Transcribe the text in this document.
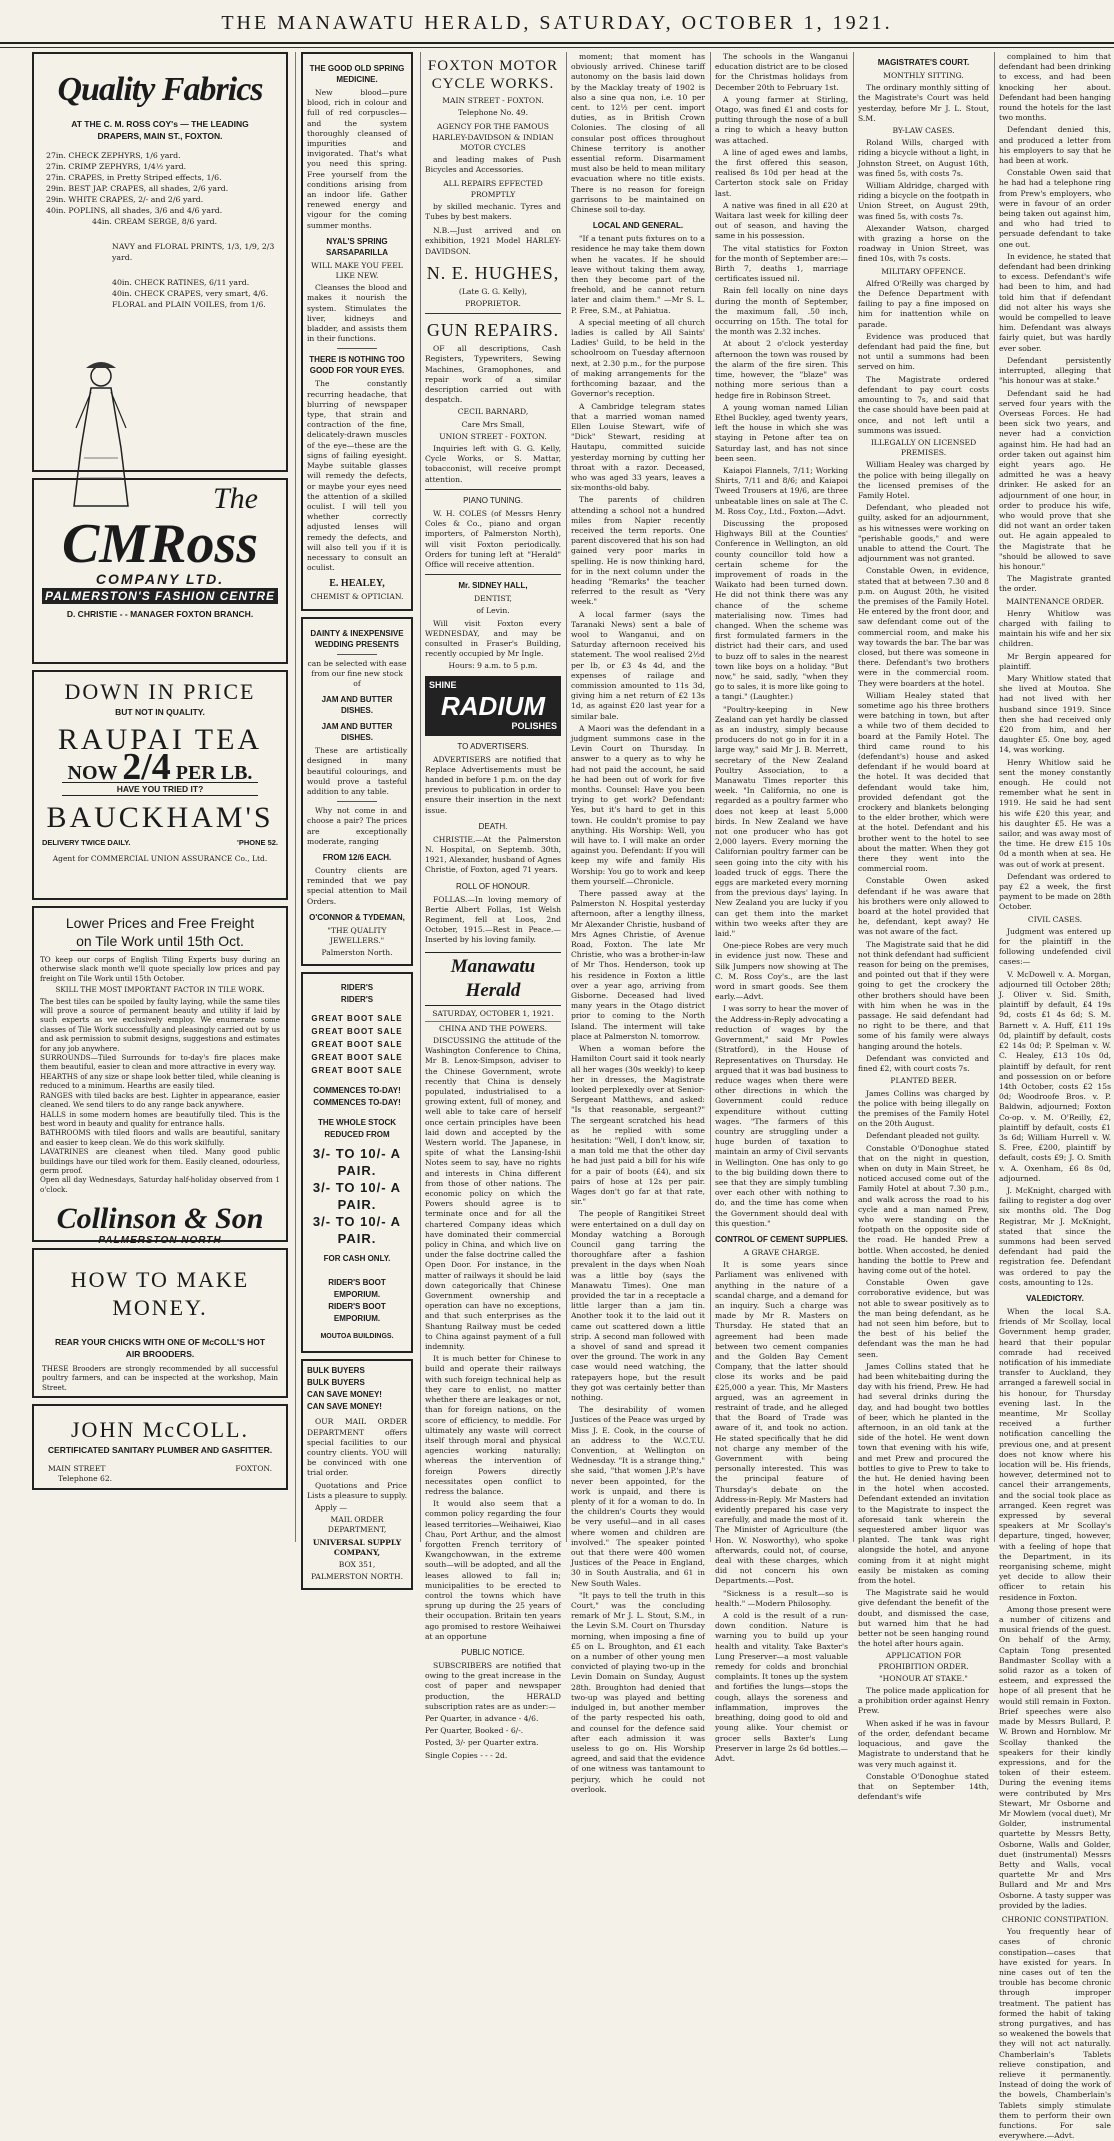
THE MANAWATU HERALD, SATURDAY, OCTOBER 1, 1921.
Quality Fabrics
AT THE C. M. ROSS COY's — THE LEADING
DRAPERS, MAIN ST., FOXTON.
27in. CHECK ZEPHYRS, 1/6 yard.
27in. CRIMP ZEPHYRS, 1/4½ yard.
27in. CRAPES, in Pretty Striped effects, 1/6.
29in. BEST JAP. CRAPES, all shades, 2/6 yard.
29in. WHITE CRAPES, 2/- and 2/6 yard.
40in. POPLINS, all shades, 3/6 and 4/6 yard.
44in. CREAM SERGE, 8/6 yard.
NAVY and FLORAL PRINTS, 1/3, 1/9, 2/3 yard.
40in. CHECK RATINES, 6/11 yard.
40in. CHECK CRAPES, very smart, 4/6.
FLORAL and PLAIN VOILES, from 1/6.
The
CMRoss
COMPANY LTD.
PALMERSTON'S FASHION CENTRE
D. CHRISTIE - - MANAGER FOXTON BRANCH.
DOWN IN PRICE
BUT NOT IN QUALITY.
RAUPAI TEA
NOW 2/4 PER LB.
HAVE YOU TRIED IT?
BAUCKHAM'S
DELIVERY TWICE DAILY.	'PHONE 52.
Agent for COMMERCIAL UNION ASSURANCE Co., Ltd.
Lower Prices and Free Freight
on Tile Work until 15th Oct.
TO keep our corps of English Tiling Experts busy during an otherwise slack month we'll quote specially low prices and pay freight on Tile Work until 15th October.
SKILL THE MOST IMPORTANT FACTOR IN TILE WORK.
The best tiles can be spoiled by faulty laying, while the same tiles will prove a source of permanent beauty and utility if laid by such experts as we exclusively employ. We enumerate some classes of Tile Work successfully and pleasingly carried out by us and ask permission to submit designs, suggestions and estimates for any job anywhere.
SURROUNDS—Tiled Surrounds for to-day's fire places make them beautiful, easier to clean and more attractive in every way.
HEARTHS of any size or shape look better tiled, while cleaning is reduced to a minimum. Hearths are easily tiled.
RANGES with tiled backs are best. Lighter in appearance, easier cleaned. We send tilers to do any range back anywhere.
HALLS in some modern homes are beautifully tiled. This is the best word in beauty and quality for entrance halls.
BATHROOMS with tiled floors and walls are beautiful, sanitary and easier to keep clean. We do this work skilfully.
LAVATRINES are cleanest when tiled. Many good public buildings have our tiled work for them. Easily cleaned, odourless, germ proof.
Open all day Wednesdays, Saturday half-holiday observed from 1 o'clock.
Collinson & Son
PALMERSTON NORTH
HOW TO MAKE
MONEY.
REAR YOUR CHICKS WITH ONE OF McCOLL'S HOT AIR BROODERS.
THESE Brooders are strongly recommended by all successful poultry farmers, and can be inspected at the workshop, Main Street.
JOHN McCOLL.
CERTIFICATED SANITARY PLUMBER AND GASFITTER.
MAIN STREET	FOXTON.
Telephone 62.
THE GOOD OLD SPRING MEDICINE.

New blood—pure blood, rich in colour and full of red corpuscles—and the system thoroughly cleansed of impurities and invigorated. That's what you need this spring. Free yourself from the conditions arising from an indoor life. Gather renewed energy and vigour for the coming summer months.

NYAL'S SPRING SARSAPARILLA

WILL MAKE YOU FEEL LIKE NEW.

Cleanses the blood and makes it nourish the system. Stimulates the liver, kidneys and bladder, and assists them in their functions.

THERE IS NOTHING TOO GOOD FOR YOUR EYES.

The constantly recurring headache, that blurring of newspaper type, that strain and contraction of the fine, delicately-drawn muscles of the eye—these are the signs of failing eyesight. Maybe suitable glasses will remedy the defects, or maybe your eyes need the attention of a skilled oculist. I will tell you whether correctly adjusted lenses will remedy the defects, and will also tell you if it is necessary to consult an oculist.

E. HEALEY,

CHEMIST & OPTICIAN.

DAINTY & INEXPENSIVE WEDDING PRESENTS

can be selected with ease from our fine new stock of

JAM AND BUTTER DISHES.
JAM AND BUTTER DISHES.

These are artistically designed in many beautiful colourings, and would prove a tasteful addition to any table.

Why not come in and choose a pair? The prices are exceptionally moderate, ranging

FROM 12/6 EACH.

Country clients are reminded that we pay special attention to Mail Orders.

O'CONNOR & TYDEMAN,

"THE QUALITY JEWELLERS."

Palmerston North.

RIDER'S
RIDER'S
GREAT BOOT SALE
GREAT BOOT SALE
GREAT BOOT SALE
GREAT BOOT SALE
GREAT BOOT SALE
COMMENCES TO-DAY!
COMMENCES TO-DAY!
THE WHOLE STOCK
REDUCED FROM
3/- TO 10/- A PAIR.
3/- TO 10/- A PAIR.
3/- TO 10/- A PAIR.
FOR CASH ONLY.
RIDER'S BOOT EMPORIUM.
RIDER'S BOOT EMPORIUM.
MOUTOA BUILDINGS.
BULK BUYERS
BULK BUYERS
CAN SAVE MONEY!
CAN SAVE MONEY!

OUR MAIL ORDER DEPARTMENT offers special facilities to our country clients. YOU will be convinced with one trial order.

Quotations and Price Lists a pleasure to supply.

Apply —

MAIL ORDER DEPARTMENT,

UNIVERSAL SUPPLY COMPANY,

BOX 351,

PALMERSTON NORTH.

FOXTON MOTOR CYCLE WORKS.

MAIN STREET - FOXTON.

Telephone No. 49.

AGENCY FOR THE FAMOUS HARLEY-DAVIDSON & INDIAN MOTOR CYCLES

and leading makes of Push Bicycles and Accessories.

ALL REPAIRS EFFECTED PROMPTLY

by skilled mechanic. Tyres and Tubes by best makers.

N.B.—Just arrived and on exhibition, 1921 Model HARLEY-DAVIDSON.

N. E. HUGHES,

(Late G. G. Kelly),

PROPRIETOR.

GUN REPAIRS.

OF all descriptions, Cash Registers, Typewriters, Sewing Machines, Gramophones, and repair work of a similar description carried out with despatch.

CECIL BARNARD,

Care Mrs Small,

UNION STREET - FOXTON.

Inquiries left with G. G. Kelly, Cycle Works, or S. Mattar, tobacconist, will receive prompt attention.

PIANO TUNING.

W. H. COLES (of Messrs Henry Coles & Co., piano and organ importers, of Palmerston North), will visit Foxton periodically. Orders for tuning left at "Herald" Office will receive attention.

Mr. SIDNEY HALL,

DENTIST,

of Levin.

Will visit Foxton every WEDNESDAY, and may be consulted in Fraser's Building, recently occupied by Mr Ingle.

Hours: 9 a.m. to 5 p.m.

SHINE
RADIUM
POLISHES
TO ADVERTISERS.

ADVERTISERS are notified that Replace Advertisements must be handed in before 1 p.m. on the day previous to publication in order to ensure their insertion in the next issue.

DEATH.

CHRISTIE.—At the Palmerston N. Hospital, on Septemb. 30th, 1921, Alexander, husband of Agnes Christie, of Foxton, aged 71 years.

ROLL OF HONOUR.

FOLLAS.—In loving memory of Bertie Albert Follas, 1st Welsh Regiment, fell at Loos, 2nd October, 1915.—Rest in Peace.—Inserted by his loving family.

Manawatu Herald

SATURDAY, OCTOBER 1, 1921.

CHINA AND THE POWERS.

DISCUSSING the attitude of the Washington Conference to China, Mr B. Lenox-Simpson, adviser to the Chinese Government, wrote recently that China is densely populated, industrialised to a growing extent, full of money, and well able to take care of herself once certain principles have been laid down and accepted by the Western world. The Japanese, in spite of what the Lansing-Ishii Notes seem to say, have no rights and interests in China different from those of other nations. The economic policy on which the Powers should agree is to terminate once and for all the chartered Company ideas which have dominated their commercial policy in China, and which live on under the false doctrine called the Open Door. For instance, in the matter of railways it should be laid down categorically that Chinese Government ownership and operation can have no exceptions, and that such enterprises as the Shantung Railway must be ceded to China against payment of a full indemnity.

It is much better for Chinese to build and operate their railways with such foreign technical help as they care to enlist, no matter whether there are leakages or not, than for foreign nations, on the score of efficiency, to meddle. For ultimately any waste will correct itself through moral and physical agencies working naturally; whereas the intervention of foreign Powers directly necessitates open conflict to redress the balance.

It would also seem that a common policy regarding the four leased territories—Weihaiwei, Kiao Chau, Port Arthur, and the almost forgotten French territory of Kwangchowwan, in the extreme south—will be adopted, and all the leases allowed to fall in; municipalities to be erected to control the towns which have sprung up during the 25 years of their occupation. Britain ten years ago promised to restore Weihaiwei at an opportune

PUBLIC NOTICE.

SUBSCRIBERS are notified that owing to the great increase in the cost of paper and newspaper production, the HERALD subscription rates are as under:—

Per Quarter, in advance - 4/6.

Per Quarter, Booked - 6/-.

Posted, 3/- per Quarter extra.

Single Copies - - - 2d.

moment; that moment has obviously arrived. Chinese tariff autonomy on the basis laid down by the Macklay treaty of 1902 is also a sine qua non, i.e. 10 per cent. to 12½ per cent. import duties, as in British Crown Colonies. The closing of all consular post offices throughout Chinese territory is another essential reform. Disarmament must also be held to mean military evacuation where no title exists. There is no reason for foreign garrisons to be maintained on Chinese soil to-day.

LOCAL AND GENERAL.

"If a tenant puts fixtures on to a residence he may take them down when he vacates. If he should leave without taking them away, then they become part of the freehold, and he cannot return later and claim them." —Mr S. L. P. Free, S.M., at Pahiatua.

A special meeting of all church ladies is called by All Saints' Ladies' Guild, to be held in the schoolroom on Tuesday afternoon next, at 2.30 p.m., for the purpose of making arrangements for the forthcoming bazaar, and the Governor's reception.

A Cambridge telegram states that a married woman named Ellen Louise Stewart, wife of "Dick" Stewart, residing at Hautapu, committed suicide yesterday morning by cutting her throat with a razor. Deceased, who was aged 33 years, leaves a six-months-old baby.

The parents of children attending a school not a hundred miles from Napier recently received the term reports. One parent discovered that his son had gained very poor marks in spelling. He is now thinking hard, for in the next column under the heading "Remarks" the teacher referred to the result as "Very week."

A local farmer (says the Taranaki News) sent a bale of wool to Wanganui, and on Saturday afternoon received his statement. The wool realised 2½d per lb, or £3 4s 4d, and the expenses of railage and commission amounted to 11s 3d, giving him a net return of £2 13s 1d, as against £20 last year for a similar bale.

A Maori was the defendant in a judgment summons case in the Levin Court on Thursday. In answer to a query as to why he had not paid the account, he said he had been out of work for five months. Counsel: Have you been trying to get work? Defendant: Yes, but it's hard to get in this town. He couldn't promise to pay anything. His Worship: Well, you will have to. I will make an order against you. Defendant: If you will keep my wife and family His Worship: You go to work and keep them yourself.—Chronicle.

There passed away at the Palmerston N. Hospital yesterday afternoon, after a lengthy illness, Mr Alexander Christie, husband of Mrs Agnes Christie, of Avenue Road, Foxton. The late Mr Christie, who was a brother-in-law of Mr Thos. Henderson, took up his residence in Foxton a little over a year ago, arriving from Gisborne. Deceased had lived many years in the Otago district prior to coming to the North Island. The interment will take place at Palmerston N. tomorrow.

When a woman before the Hamilton Court said it took nearly all her wages (30s weekly) to keep her in dresses, the Magistrate looked perplexedly over at Senior-Sergeant Matthews, and asked: "Is that reasonable, sergeant?" The sergeant scratched his head as he replied with some hesitation: "Well, I don't know, sir, a man told me that the other day he had just paid a bill for his wife for a pair of boots (£4), and six pairs of hose at 12s per pair. Wages don't go far at that rate, sir."

The people of Rangitikei Street were entertained on a dull day on Monday watching a Borough Council gang tarring the thoroughfare after a fashion prevalent in the days when Noah was a little boy (says the Manawatu Times). One man provided the tar in a receptacle a little larger than a jam tin. Another took it to the laid out it came out scattered down a little strip. A second man followed with a shovel of sand and spread it over the ground. The work in any case would need watching, the ratepayers hope, but the result they got was certainly better than nothing.

The desirability of women Justices of the Peace was urged by Miss J. E. Cook, in the course of an address to the W.C.T.U. Convention, at Wellington on Wednesday. "It is a strange thing," she said, "that women J.P.'s have never been appointed, for the work is unpaid, and there is plenty of it for a woman to do. In the children's Courts they would be very useful—and in all cases where women and children are involved." The speaker pointed out that there were 400 women Justices of the Peace in England, 30 in South Australia, and 61 in New South Wales.

"It pays to tell the truth in this Court," was the concluding remark of Mr J. L. Stout, S.M., in the Levin S.M. Court on Thursday morning, when imposing a fine of £5 on L. Broughton, and £1 each on a number of other young men convicted of playing two-up in the Levin Domain on Sunday, August 28th. Broughton had denied that two-up was played and betting indulged in, but another member of the party respected his oath, and counsel for the defence said after each admission it was useless to go on. His Worship agreed, and said that the evidence of one witness was tantamount to perjury, which he could not overlook.

The schools in the Wanganui education district are to be closed for the Christmas holidays from December 20th to February 1st.

A young farmer at Stirling, Otago, was fined £1 and costs for putting through the nose of a bull a ring to which a heavy button was attached.

A line of aged ewes and lambs, the first offered this season, realised 8s 10d per head at the Carterton stock sale on Friday last.

A native was fined in all £20 at Waitara last week for killing deer out of season, and having the same in his possession.

The vital statistics for Foxton for the month of September are:— Birth 7, deaths 1, marriage certificates issued nil.

Rain fell locally on nine days during the month of September, the maximum fall, .50 inch, occurring on 15th. The total for the month was 2.32 inches.

At about 2 o'clock yesterday afternoon the town was roused by the alarm of the fire siren. This time, however, the "blaze" was nothing more serious than a hedge fire in Robinson Street.

A young woman named Lilian Ethel Buckley, aged twenty years, left the house in which she was staying in Petone after tea on Saturday last, and has not since been seen.

Kaiapoi Flannels, 7/11; Working Shirts, 7/11 and 8/6; and Kaiapoi Tweed Trousers at 19/6, are three unbeatable lines on sale at The C. M. Ross Coy., Ltd., Foxton.—Advt.

Discussing the proposed Highways Bill at the Counties' Conference in Wellington, an old county councillor told how a certain scheme for the improvement of roads in the Waikato had been turned down. He did not think there was any chance of the scheme materialising now. Times had changed. When the scheme was first formulated farmers in the district had their cars, and used to buzz off to sales in the nearest town like boys on a holiday. "But now," he said, sadly, "when they go to sales, it is more like going to a tangi." (Laughter.)

"Poultry-keeping in New Zealand can yet hardly be classed as an industry, simply because producers do not go in for it in a large way," said Mr J. B. Merrett, secretary of the New Zealand Poultry Association, to a Manawatu Times reporter this week. "In California, no one is regarded as a poultry farmer who does not keep at least 5,000 birds. In New Zealand we have not one producer who has got 2,000 layers. Every morning the Californian poultry farmer can be seen going into the city with his loaded truck of eggs. There the eggs are marketed every morning from the previous days' laying. In New Zealand you are lucky if you can get them into the market within two weeks after they are laid."

One-piece Robes are very much in evidence just now. These and Silk Jumpers now showing at The C. M. Ross Coy's., are the last word in smart goods. See them early.—Advt.

I was sorry to hear the mover of the Address-in-Reply advocating a reduction of wages by the Government," said Mr Powles (Stratford), in the House of Representatives on Thursday. He argued that it was bad business to reduce wages when there were other directions in which the Government could reduce expenditure without cutting wages. "The farmers of this country are struggling under a huge burden of taxation to maintain an army of Civil servants in Wellington. One has only to go to the big building down there to see that they are simply tumbling over each other with nothing to do, and the time has come when the Government should deal with this question."

CONTROL OF CEMENT SUPPLIES.

A GRAVE CHARGE.

It is some years since Parliament was enlivened with anything in the nature of a scandal charge, and a demand for an inquiry. Such a charge was made by Mr R. Masters on Thursday. He stated that an agreement had been made between two cement companies and the Golden Bay Cement Company, that the latter should close its works and be paid £25,000 a year. This, Mr Masters argued, was an agreement in restraint of trade, and he alleged that the Board of Trade was aware of it, and took no action. He stated specifically that he did not charge any member of the Government with being personally interested. This was the principal feature of Thursday's debate on the Address-in-Reply. Mr Masters had evidently prepared his case very carefully, and made the most of it. The Minister of Agriculture (the Hon. W. Nosworthy), who spoke afterwards, could not, of course, deal with these charges, which did not concern his own Departments.—Post.

"Sickness is a result—so is health." —Modern Philosophy.

A cold is the result of a run-down condition. Nature is warning you to build up your health and vitality. Take Baxter's Lung Preserver—a most valuable remedy for colds and bronchial complaints. It tones up the system and fortifies the lungs—stops the cough, allays the soreness and inflammation, improves the breathing, doing good to old and young alike. Your chemist or grocer sells Baxter's Lung Preserver in large 2s 6d bottles.—Advt.

MAGISTRATE'S COURT.

MONTHLY SITTING.

The ordinary monthly sitting of the Magistrate's Court was held yesterday, before Mr J. L. Stout, S.M.

BY-LAW CASES.

Roland Wills, charged with riding a bicycle without a light, in Johnston Street, on August 16th, was fined 5s, with costs 7s.

William Aldridge, charged with riding a bicycle on the footpath in Union Street, on August 29th, was fined 5s, with costs 7s.

Alexander Watson, charged with grazing a horse on the roadway in Union Street, was fined 10s, with 7s costs.

MILITARY OFFENCE.

Alfred O'Reilly was charged by the Defence Department with failing to pay a fine imposed on him for inattention while on parade.

Evidence was produced that defendant had paid the fine, but not until a summons had been served on him.

The Magistrate ordered defendant to pay court costs amounting to 7s, and said that the case should have been paid at once, and not left until a summons was issued.

ILLEGALLY ON LICENSED PREMISES.

William Healey was charged by the police with being illegally on the licensed premises of the Family Hotel.

Defendant, who pleaded not guilty, asked for an adjournment, as his witnesses were working on "perishable goods," and were unable to attend the Court. The adjournment was not granted.

Constable Owen, in evidence, stated that at between 7.30 and 8 p.m. on August 20th, he visited the premises of the Family Hotel. He entered by the front door, and saw defendant come out of the commercial room, and make his way towards the bar. The bar was closed, but there was someone in there. Defendant's two brothers were in the commercial room. They were boarders at the hotel.

William Healey stated that sometime ago his three brothers were batching in town, but after a while two of them decided to board at the Family Hotel. The third came round to his (defendant's) house and asked defendant if he would board at the hotel. It was decided that defendant would take him, provided defendant got the crockery and blankets belonging to the elder brother, which were at the hotel. Defendant and his brother went to the hotel to see about the matter. When they got there they went into the commercial room.

Constable Owen asked defendant if he was aware that his brothers were only allowed to board at the hotel provided that he, defendant, kept away? He was not aware of the fact.

The Magistrate said that he did not think defendant had sufficient reason for being on the premises, and pointed out that if they were going to get the crockery the other brothers should have been with him when he was in the passage. He said defendant had no right to be there, and that some of his family were always hanging around the hotels.

Defendant was convicted and fined £2, with court costs 7s.

PLANTED BEER.

James Collins was charged by the police with being illegally on the premises of the Family Hotel on the 20th August.

Defendant pleaded not guilty.

Constable O'Donoghue stated that on the night in question, when on duty in Main Street, he noticed accused come out of the Family Hotel at about 7.30 p.m., and walk across the road to his cycle and a man named Prew, who were standing on the footpath on the opposite side of the road. He handed Prew a bottle. When accosted, he denied handing the bottle to Prew and having come out of the hotel.

Constable Owen gave corroborative evidence, but was not able to swear positively as to the man being defendant, as he had not seen him before, but to the best of his belief the defendant was the man he had seen.

James Collins stated that he had been whitebaiting during the day with his friend, Prew. He had had several drinks during the day, and had bought two bottles of beer, which he planted in the afternoon, in an old tank at the side of the hotel. He went down town that evening with his wife, and met Prew and procured the bottles to give to Prew to take to the hut. He denied having been in the hotel when accosted. Defendant extended an invitation to the Magistrate to inspect the aforesaid tank wherein the sequestered amber liquor was planted. The tank was right alongside the hotel, and anyone coming from it at night might easily be mistaken as coming from the hotel.

The Magistrate said he would give defendant the benefit of the doubt, and dismissed the case, but warned him that he had better not be seen hanging round the hotel after hours again.

APPLICATION FOR PROHIBITION ORDER.

"HONOUR AT STAKE."

The police made application for a prohibition order against Henry Prew.

When asked if he was in favour of the order, defendant became loquacious, and gave the Magistrate to understand that he was very much against it.

Constable O'Donoghue stated that on September 14th, defendant's wife

complained to him that defendant had been drinking to excess, and had been knocking her about. Defendant had been hanging round the hotels for the last two months.

Defendant denied this, and produced a letter from his employers to say that he had been at work.

Constable Owen said that he had had a telephone ring from Prew's employers, who were in favour of an order being taken out against him, and who had tried to persuade defendant to take one out.

In evidence, he stated that defendant had been drinking to excess. Defendant's wife had been to him, and had told him that if defendant did not alter his ways she would be compelled to leave him. Defendant was always fairly quiet, but was hardly ever sober.

Defendant persistently interrupted, alleging that "his honour was at stake."

Defendant said he had served four years with the Overseas Forces. He had been sick two years, and never had a conviction against him. He had had an order taken out against him eight years ago. He admitted he was a heavy drinker. He asked for an adjournment of one hour, in order to produce his wife, who would prove that she did not want an order taken out. He again appealed to the Magistrate that he "should be allowed to save his honour."

The Magistrate granted the order.

MAINTENANCE ORDER.

Henry Whitlow was charged with failing to maintain his wife and her six children.

Mr Bergin appeared for plaintiff.

Mary Whitlow stated that she lived at Moutoa. She had not lived with her husband since 1919. Since then she had received only £20 from him, and her daughter £5. One boy, aged 14, was working.

Henry Whitlow said he sent the money constantly enough. He could not remember what he sent in 1919. He said he had sent his wife £20 this year, and his daughter £5. He was a sailor, and was away most of the time. He drew £15 10s 0d a month when at sea. He was out of work at present.

Defendant was ordered to pay £2 a week, the first payment to be made on 28th October.

CIVIL CASES.

Judgment was entered up for the plaintiff in the following undefended civil cases:—

V. McDowell v. A. Morgan, adjourned till October 28th; J. Oliver v. Sid. Smith, plaintiff by default, £4 19s 9d, costs £1 4s 6d; S. M. Barnett v. A. Huff, £11 19s 0d, plaintiff by default, costs £2 14s 0d; P. Spelman v. W. C. Healey, £13 10s 0d, plaintiff by default, for rent and possession on or before 14th October, costs £2 15s 0d; Woodroofe Bros. v. P. Baldwin, adjourned; Foxton Co-op. v. M. O'Reilly, £2, plaintiff by default, costs £1 3s 6d; William Hurrell v. W. S. Free, £200, plaintiff by default, costs £9; J. O. Smith v. A. Oxenham, £6 8s 0d, adjourned.

J. McKnight, charged with failing to register a dog over six months old. The Dog Registrar, Mr J. McKnight, stated that since the summons had been served defendant had paid the registration fee. Defendant was ordered to pay the costs, amounting to 12s.

VALEDICTORY.

When the local S.A. friends of Mr Scollay, local Government hemp grader, heard that their popular comrade had received notification of his immediate transfer to Auckland, they arranged a farewell social in his honour, for Thursday evening last. In the meantime, Mr Scollay received a further notification cancelling the previous one, and at present does not know where his location will be. His friends, however, determined not to cancel their arrangements, and the social took place as arranged. Keen regret was expressed by several speakers at Mr Scollay's departure, tinged, however, with a feeling of hope that the Department, in its reorganising scheme, might yet decide to allow their officer to retain his residence in Foxton.

Among those present were a number of citizens and musical friends of the guest. On behalf of the Army, Captain Tong presented Bandmaster Scollay with a solid razor as a token of esteem, and expressed the hope of all present that he would still remain in Foxton. Brief speeches were also made by Messrs Bullard, P. W. Brown and Hornblow. Mr Scollay thanked the speakers for their kindly expressions, and for the token of their esteem. During the evening items were contributed by Mrs Stewart, Mr Osborne and Mr Mowlem (vocal duet), Mr Golder, instrumental quartette by Messrs Betty, Osborne, Walls and Golder, duet (instrumental) Messrs Betty and Walls, vocal quartette Mr and Mrs Bullard and Mr and Mrs Osborne. A tasty supper was provided by the ladies.

CHRONIC CONSTIPATION.

You frequently hear of cases of chronic constipation—cases that have existed for years. In nine cases out of ten the trouble has become chronic through improper treatment. The patient has formed the habit of taking strong purgatives, and has so weakened the bowels that they will not act naturally. Chamberlain's Tablets relieve constipation, and relieve it permanently. Instead of doing the work of the bowels, Chamberlain's Tablets simply stimulate them to perform their own functions. For sale everywhere.—Advt.
